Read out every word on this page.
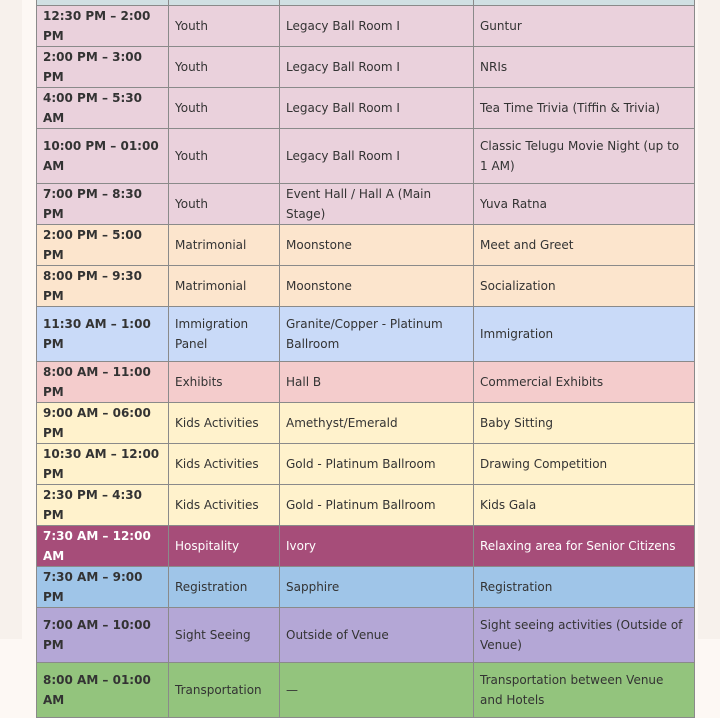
12:30 PM – 2:00 PM	Youth	Legacy Ball Room I	Guntur
2:00 PM – 3:00 PM	Youth	Legacy Ball Room I	NRIs
4:00 PM – 5:30 AM	Youth	Legacy Ball Room I	Tea Time Trivia (Tiffin & Trivia)
10:00 PM – 01:00 AM	Youth	Legacy Ball Room I	Classic Telugu Movie Night (up to 1 AM)
7:00 PM – 8:30 PM	Youth	Event Hall / Hall A (Main Stage)	Yuva Ratna
2:00 PM – 5:00 PM	Matrimonial	Moonstone	Meet and Greet
8:00 PM – 9:30 PM	Matrimonial	Moonstone	Socialization
11:30 AM – 1:00 PM	Immigration Panel	Granite/Copper - Platinum Ballroom	Immigration
8:00 AM – 11:00 PM	Exhibits	Hall B	Commercial Exhibits
9:00 AM – 06:00 PM	Kids Activities	Amethyst/Emerald	Baby Sitting
10:30 AM – 12:00 PM	Kids Activities	Gold - Platinum Ballroom	Drawing Competition
2:30 PM – 4:30 PM	Kids Activities	Gold - Platinum Ballroom	Kids Gala
7:30 AM – 12:00 AM	Hospitality	Ivory	Relaxing area for Senior Citizens
7:30 AM – 9:00 PM	Registration	Sapphire	Registration
7:00 AM – 10:00 PM	Sight Seeing	Outside of Venue	Sight seeing activities (Outside of Venue)
8:00 AM – 01:00 AM	Transportation	—	Transportation between Venue and Hotels
